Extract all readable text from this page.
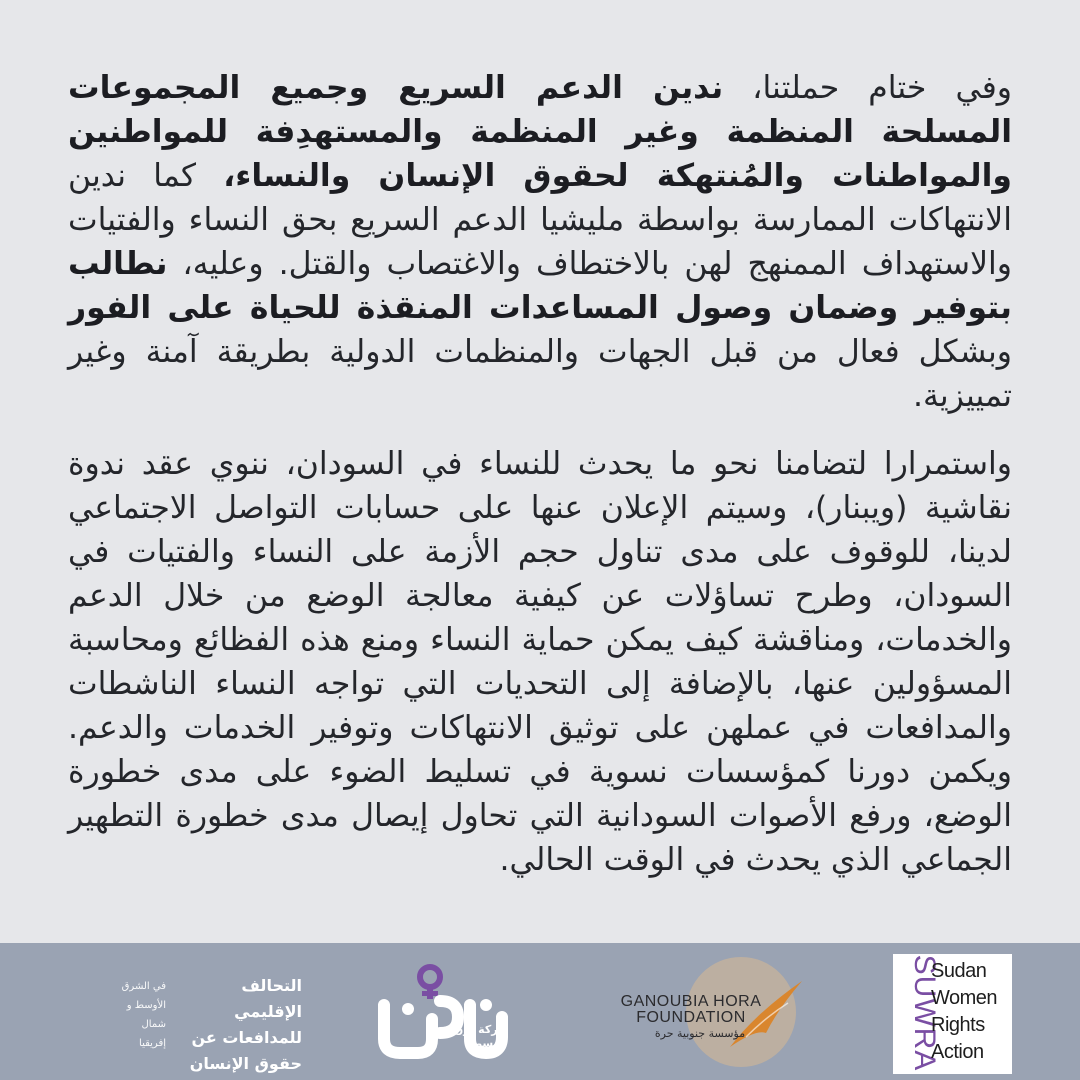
وفي ختام حملتنا، ندين الدعم السريع وجميع المجموعات المسلحة المنظمة وغير المنظمة والمستهدِفة للمواطنين والمواطنات والمُنتهكة لحقوق الإنسان والنساء، كما ندين الانتهاكات الممارسة بواسطة مليشيا الدعم السريع بحق النساء والفتيات والاستهداف الممنهج لهن بالاختطاف والاغتصاب والقتل. وعليه، نطالب بتوفير وضمان وصول المساعدات المنقذة للحياة على الفور وبشكل فعال من قبل الجهات والمنظمات الدولية بطريقة آمنة وغير تمييزية.

واستمرارا لتضامنا نحو ما يحدث للنساء في السودان، ننوي عقد ندوة نقاشية (ويبنار)، وسيتم الإعلان عنها على حسابات التواصل الاجتماعي لدينا، للوقوف على مدى تناول حجم الأزمة على النساء والفتيات في السودان، وطرح تساؤلات عن كيفية معالجة الوضع من خلال الدعم والخدمات، ومناقشة كيف يمكن حماية النساء ومنع هذه الفظائع ومحاسبة المسؤولين عنها، بالإضافة إلى التحديات التي تواجه النساء الناشطات والمدافعات في عملهن على توثيق الانتهاكات وتوفير الخدمات والدعم. ويكمن دورنا كمؤسسات نسوية في تسليط الضوء على مدى خطورة الوضع، ورفع الأصوات السودانية التي تحاول إيصال مدى خطورة التطهير الجماعي الذي يحدث في الوقت الحالي.

التحالف الإقليمي
للمدافعات عن
حقوق الإنسان
في الشرق
الأوسط و
شمال
إفريقيا
حركة نون
النسوية
GANOUBIA HORA
FOUNDATION
مؤسسة جنوبية حرة	SUWRA
Sudan
Women
Rights
Action
